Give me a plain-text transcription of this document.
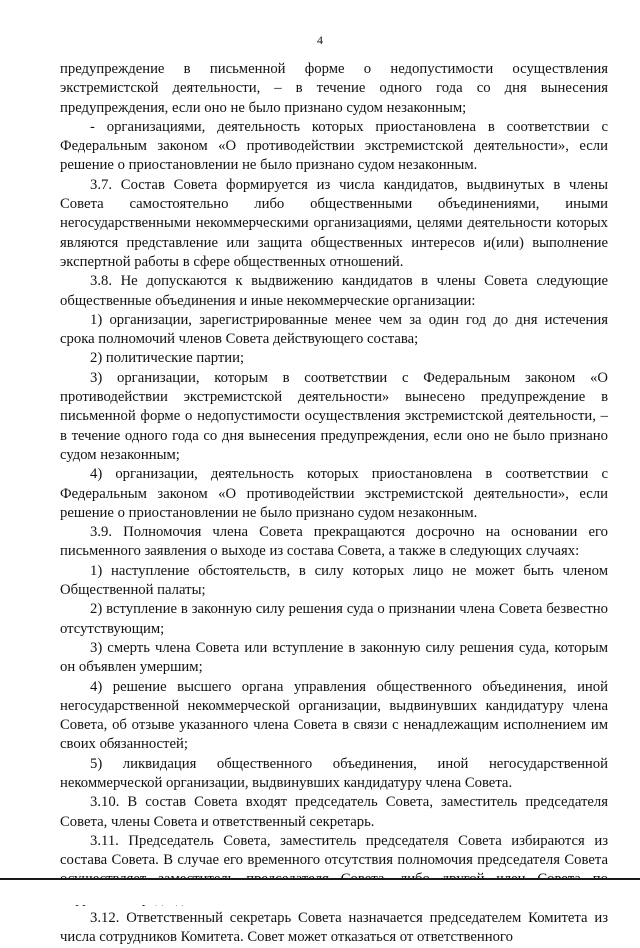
4

предупреждение в письменной форме о недопустимости осуществления экстремистской деятельности, – в течение одного года со дня вынесения предупреждения, если оно не было признано судом незаконным;

- организациями, деятельность которых приостановлена в соответствии с Федеральным законом «О противодействии экстремистской деятельности», если решение о приостановлении не было признано судом незаконным.

3.7. Состав Совета формируется из числа кандидатов, выдвинутых в члены Совета самостоятельно либо общественными объединениями, иными негосударственными некоммерческими организациями, целями деятельности которых являются представление или защита общественных интересов и(или) выполнение экспертной работы в сфере общественных отношений.

3.8. Не допускаются к выдвижению кандидатов в члены Совета следующие общественные объединения и иные некоммерческие организации:

1) организации, зарегистрированные менее чем за один год до дня истечения срока полномочий членов Совета действующего состава;

2) политические партии;

3) организации, которым в соответствии с Федеральным законом «О противодействии экстремистской деятельности» вынесено предупреждение в письменной форме о недопустимости осуществления экстремистской деятельности, – в течение одного года со дня вынесения предупреждения, если оно не было признано судом незаконным;

4) организации, деятельность которых приостановлена в соответствии с Федеральным законом «О противодействии экстремистской деятельности», если решение о приостановлении не было признано судом незаконным.

3.9. Полномочия члена Совета прекращаются досрочно на основании его письменного заявления о выходе из состава Совета, а также в следующих случаях:

1) наступление обстоятельств, в силу которых лицо не может быть членом Общественной палаты;

2) вступление в законную силу решения суда о признании члена Совета безвестно отсутствующим;

3) смерть члена Совета или вступление в законную силу решения суда, которым он объявлен умершим;

4) решение высшего органа управления общественного объединения, иной негосударственной некоммерческой организации, выдвинувших кандидатуру члена Совета, об отзыве указанного члена Совета в связи с ненадлежащим исполнением им своих обязанностей;

5) ликвидация общественного объединения, иной негосударственной некоммерческой организации, выдвинувших кандидатуру члена Совета.

3.10. В состав Совета входят председатель Совета, заместитель председателя Совета, члены Совета и ответственный секретарь.

3.11. Председатель Совета, заместитель председателя Совета избираются из состава Совета. В случае его временного отсутствия полномочия председателя Совета

3.12. Ответственный секретарь Совета назначается председателем Комитета из числа сотрудников Комитета. Совет может отказаться от ответственного
